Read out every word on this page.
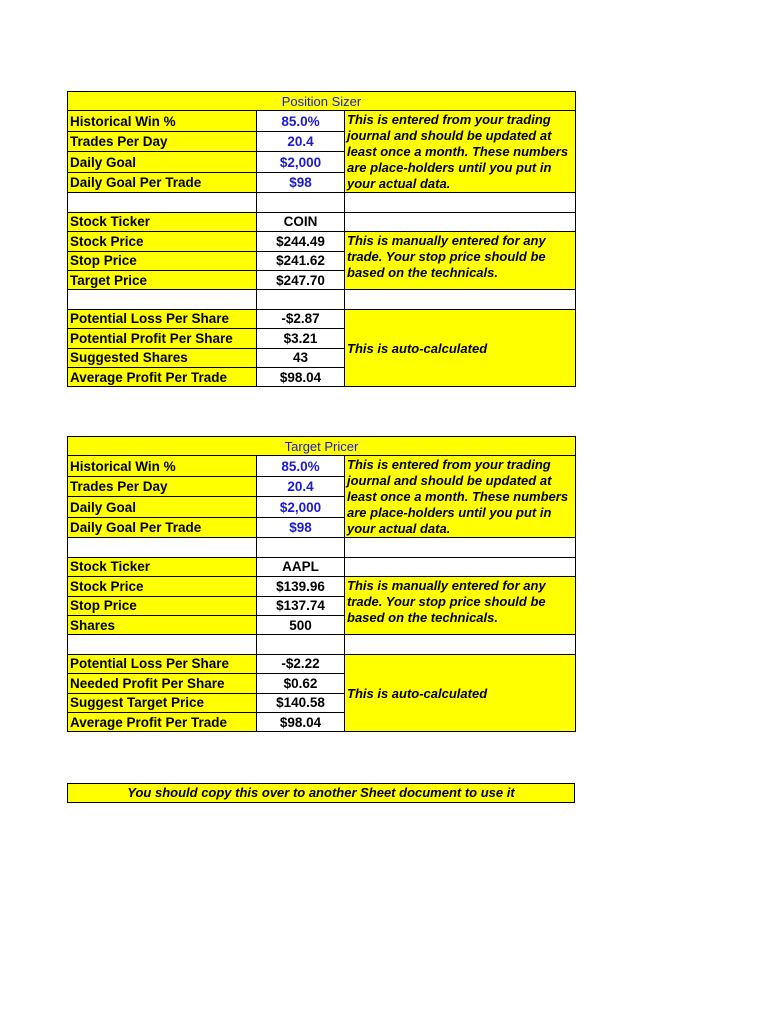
Position Sizer		
Historical Win %	85.0%	This is entered from your trading journal and should be updated at least once a month. These numbers are place-holders until you put in your actual data.
Trades Per Day	20.4	
Daily Goal	$2,000	
Daily Goal Per Trade	$98	

Stock Ticker	COIN	
Stock Price	$244.49	This is manually entered for any trade. Your stop price should be based on the technicals.
Stop Price	$241.62	
Target Price	$247.70	

Potential Loss Per Share	-$2.87	This is auto-calculated
Potential Profit Per Share	$3.21	
Suggested Shares	43	
Average Profit Per Trade	$98.04	
Target Pricer		
Historical Win %	85.0%	This is entered from your trading journal and should be updated at least once a month. These numbers are place-holders until you put in your actual data.
Trades Per Day	20.4	
Daily Goal	$2,000	
Daily Goal Per Trade	$98	

Stock Ticker	AAPL	
Stock Price	$139.96	This is manually entered for any trade. Your stop price should be based on the technicals.
Stop Price	$137.74	
Shares	500	

Potential Loss Per Share	-$2.22	This is auto-calculated
Needed Profit Per Share	$0.62	
Suggest Target Price	$140.58	
Average Profit Per Trade	$98.04	
You should copy this over to another Sheet document to use it
